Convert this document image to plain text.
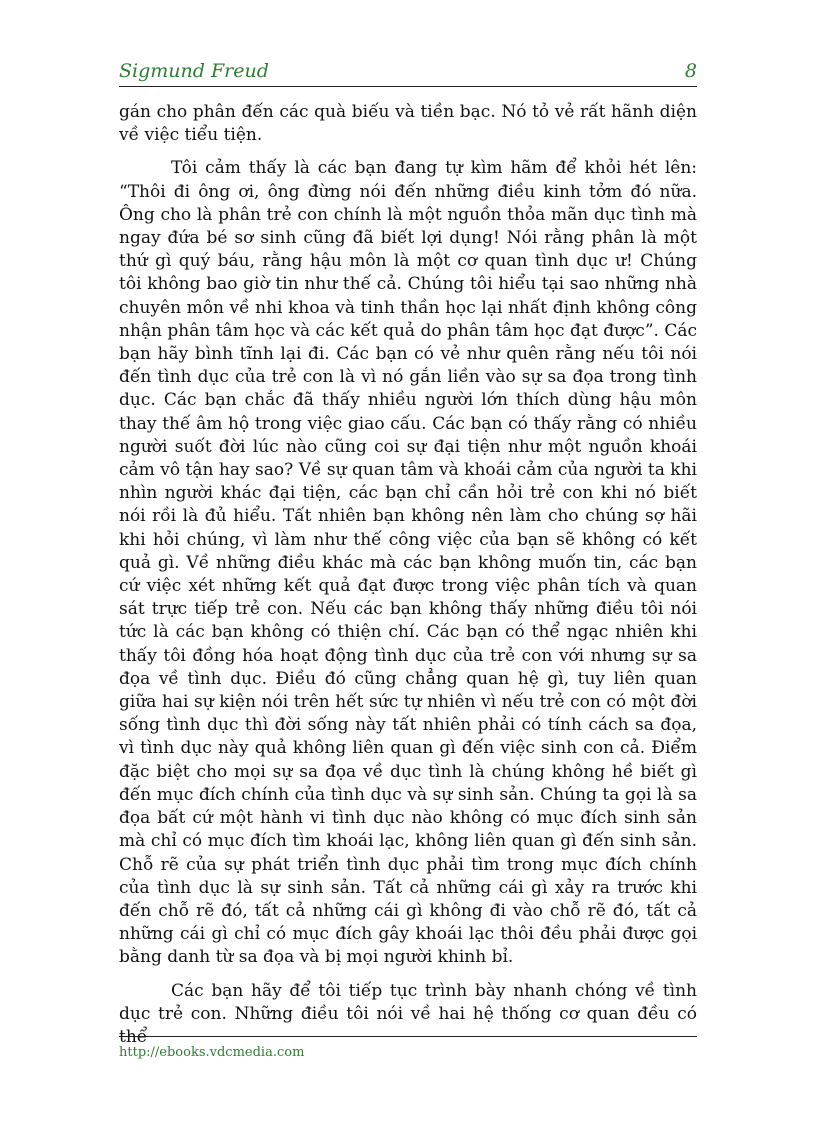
Sigmund Freud	8

gán cho phân đến các quà biếu và tiền bạc. Nó tỏ vẻ rất hãnh diện về việc tiểu tiện.

Tôi cảm thấy là các bạn đang tự kìm hãm để khỏi hét lên: “Thôi đi ông ơi, ông đừng nói đến những điều kinh tởm đó nữa. Ông cho là phân trẻ con chính là một nguồn thỏa mãn dục tình mà ngay đứa bé sơ sinh cũng đã biết lợi dụng! Nói rằng phân là một thứ gì quý báu, rằng hậu môn là một cơ quan tình dục ư! Chúng tôi không bao giờ tin như thế cả. Chúng tôi hiểu tại sao những nhà chuyên môn về nhi khoa và tinh thần học lại nhất định không công nhận phân tâm học và các kết quả do phân tâm học đạt được”. Các bạn hãy bình tĩnh lại đi. Các bạn có vẻ như quên rằng nếu tôi nói đến tình dục của trẻ con là vì nó gắn liền vào sự sa đọa trong tình dục. Các bạn chắc đã thấy nhiều người lớn thích dùng hậu môn thay thế âm hộ trong việc giao cấu. Các bạn có thấy rằng có nhiều người suốt đời lúc nào cũng coi sự đại tiện như một nguồn khoái cảm vô tận hay sao? Về sự quan tâm và khoái cảm của người ta khi nhìn người khác đại tiện, các bạn chỉ cần hỏi trẻ con khi nó biết nói rồi là đủ hiểu. Tất nhiên bạn không nên làm cho chúng sợ hãi khi hỏi chúng, vì làm như thế công việc của bạn sẽ không có kết quả gì. Về những điều khác mà các bạn không muốn tin, các bạn cứ việc xét những kết quả đạt được trong việc phân tích và quan sát trực tiếp trẻ con. Nếu các bạn không thấy những điều tôi nói tức là các bạn không có thiện chí. Các bạn có thể ngạc nhiên khi thấy tôi đồng hóa hoạt động tình dục của trẻ con với nhưng sự sa đọa về tình dục. Điều đó cũng chẳng quan hệ gì, tuy liên quan giữa hai sự kiện nói trên hết sức tự nhiên vì nếu trẻ con có một đời sống tình dục thì đời sống này tất nhiên phải có tính cách sa đọa, vì tình dục này quả không liên quan gì đến việc sinh con cả. Điểm đặc biệt cho mọi sự sa đọa về dục tình là chúng không hề biết gì đến mục đích chính của tình dục và sự sinh sản. Chúng ta gọi là sa đọa bất cứ một hành vi tình dục nào không có mục đích sinh sản mà chỉ có mục đích tìm khoái lạc, không liên quan gì đến sinh sản. Chỗ rẽ của sự phát triển tình dục phải tìm trong mục đích chính của tình dục là sự sinh sản. Tất cả những cái gì xảy ra trước khi đến chỗ rẽ đó, tất cả những cái gì không đi vào chỗ rẽ đó, tất cả những cái gì chỉ có mục đích gây khoái lạc thôi đều phải được gọi bằng danh từ sa đọa và bị mọi người khinh bỉ.

Các bạn hãy để tôi tiếp tục trình bày nhanh chóng về tình dục trẻ con. Những điều tôi nói về hai hệ thống cơ quan đều có thể

http://ebooks.vdcmedia.com
